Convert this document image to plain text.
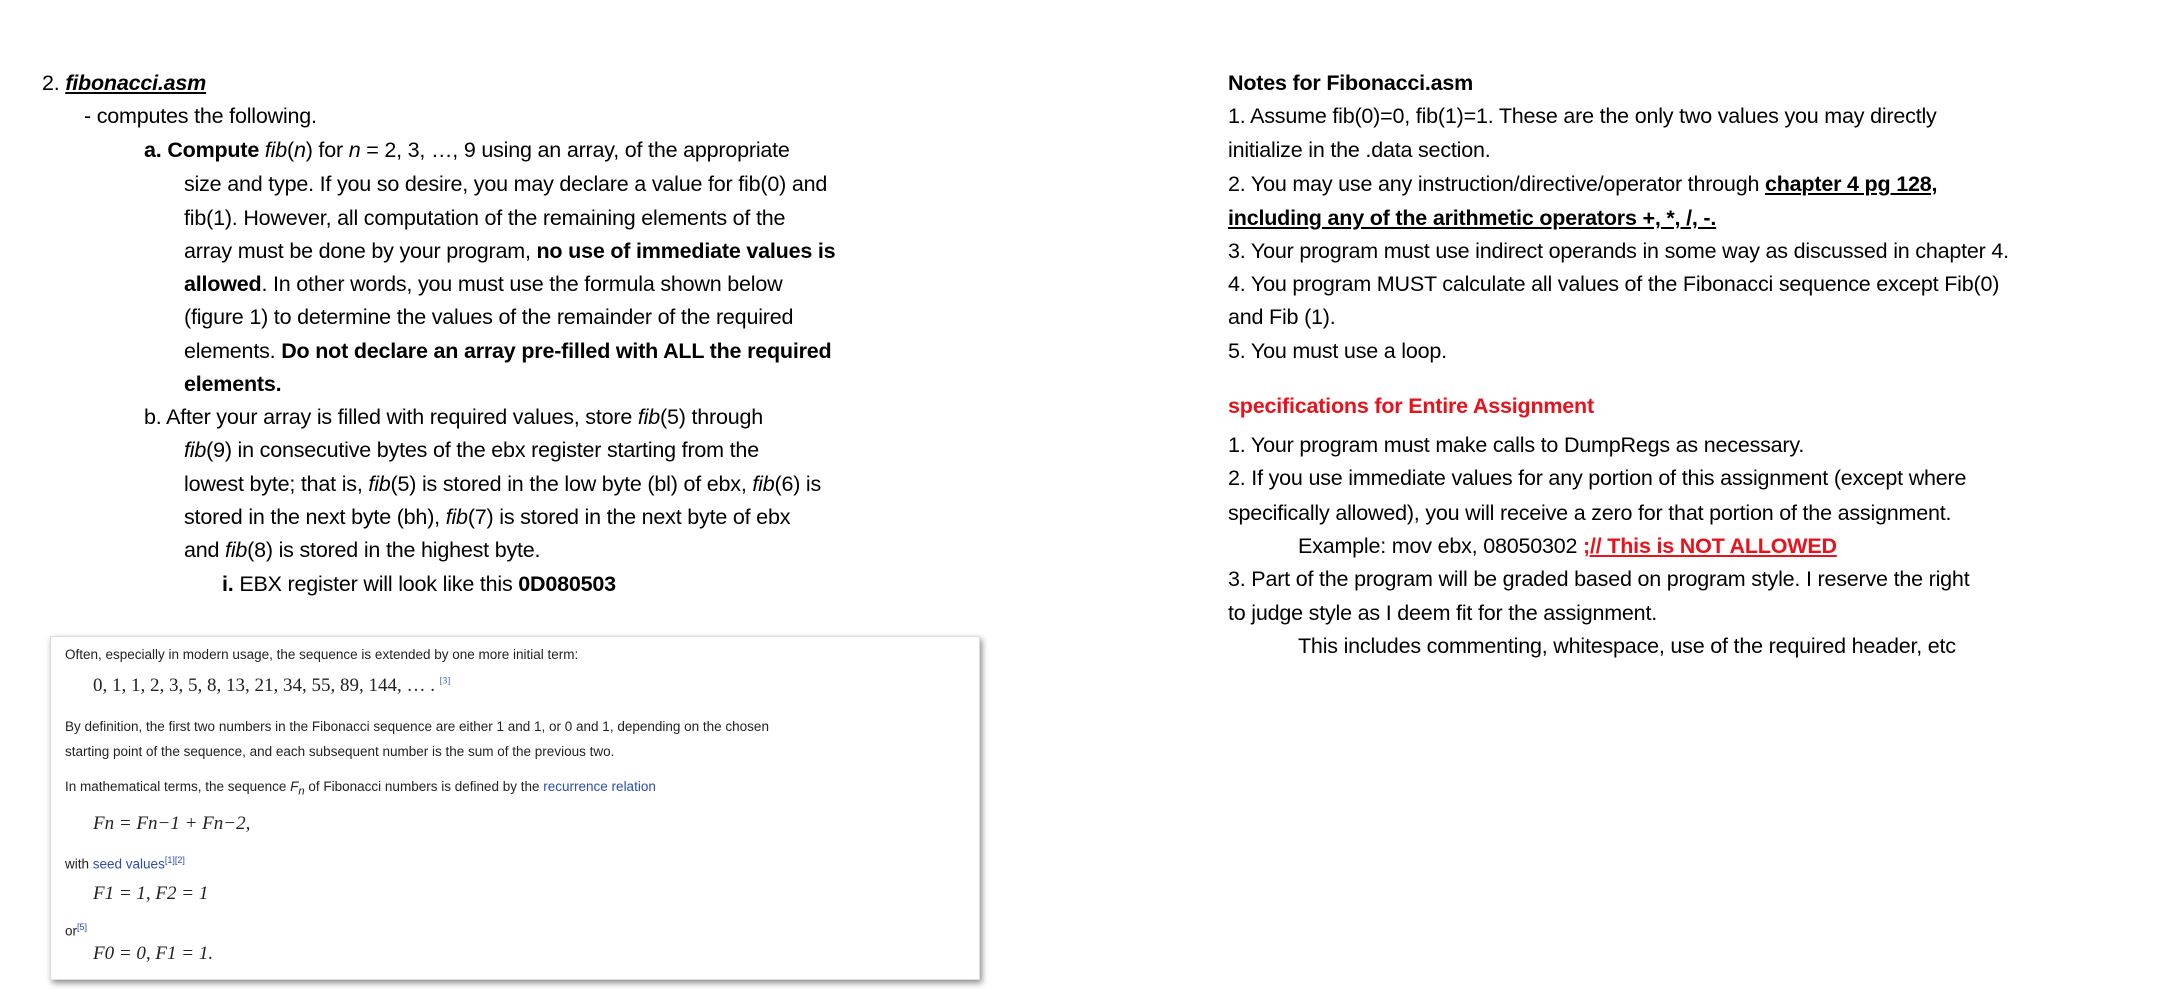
2. fibonacci.asm
- computes the following.
a. Compute fib(n) for n = 2, 3, …, 9 using an array, of the appropriate
size and type. If you so desire, you may declare a value for fib(0) and
fib(1). However, all computation of the remaining elements of the
array must be done by your program, no use of immediate values is
allowed. In other words, you must use the formula shown below
(figure 1) to determine the values of the remainder of the required
elements. Do not declare an array pre-filled with ALL the required
elements.
b. After your array is filled with required values, store fib(5) through
fib(9) in consecutive bytes of the ebx register starting from the
lowest byte; that is, fib(5) is stored in the low byte (bl) of ebx, fib(6) is
stored in the next byte (bh), fib(7) is stored in the next byte of ebx
and fib(8) is stored in the highest byte.
i. EBX register will look like this 0D080503
Notes for Fibonacci.asm
1. Assume fib(0)=0, fib(1)=1. These are the only two values you may directly
initialize in the .data section.
2. You may use any instruction/directive/operator through chapter 4 pg 128,
including any of the arithmetic operators +, *, /, -.
3. Your program must use indirect operands in some way as discussed in chapter 4.
4. You program MUST calculate all values of the Fibonacci sequence except Fib(0)
and Fib (1).
5. You must use a loop.
specifications for Entire Assignment
1. Your program must make calls to DumpRegs as necessary.
2. If you use immediate values for any portion of this assignment (except where
specifically allowed), you will receive a zero for that portion of the assignment.
Example: mov ebx, 08050302 ;// This is NOT ALLOWED
3. Part of the program will be graded based on program style. I reserve the right
to judge style as I deem fit for the assignment.
This includes commenting, whitespace, use of the required header, etc
Often, especially in modern usage, the sequence is extended by one more initial term:
0, 1, 1, 2, 3, 5, 8, 13, 21, 34, 55, 89, 144, … . [3]
By definition, the first two numbers in the Fibonacci sequence are either 1 and 1, or 0 and 1, depending on the chosen
starting point of the sequence, and each subsequent number is the sum of the previous two.
In mathematical terms, the sequence $F_n$ of Fibonacci numbers is defined by the recurrence relation
Fn = Fn−1 + Fn−2,
with seed values[1][2]
F1 = 1, F2 = 1
or[5]
F0 = 0, F1 = 1.
